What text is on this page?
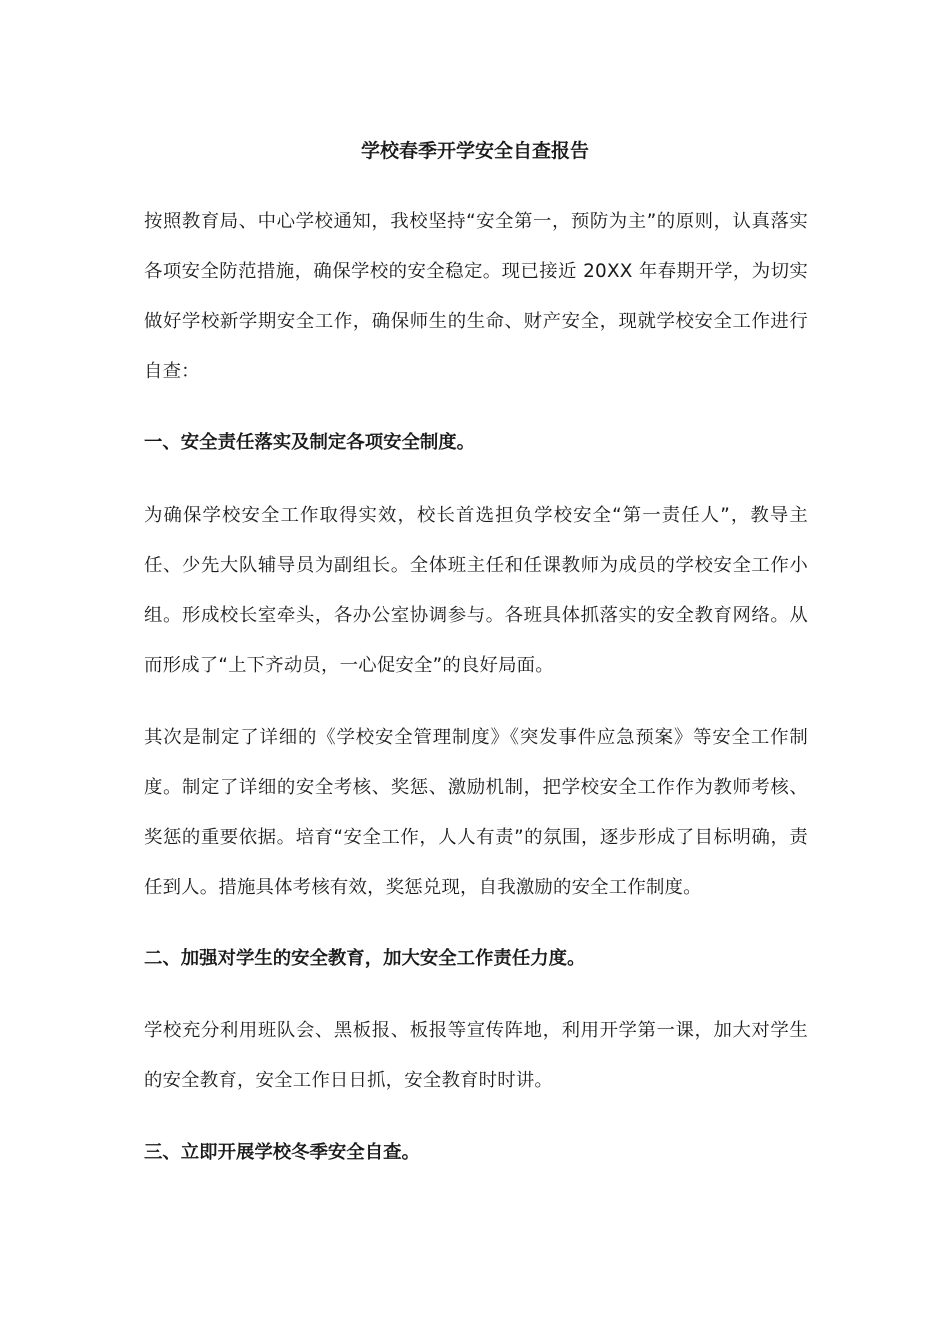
学校春季开学安全自查报告

按照教育局、中心学校通知，我校坚持“安全第一，预防为主”的原则，认真落实各项安全防范措施，确保学校的安全稳定。现已接近 20XX 年春期开学，为切实做好学校新学期安全工作，确保师生的生命、财产安全，现就学校安全工作进行自查：

一、安全责任落实及制定各项安全制度。

为确保学校安全工作取得实效，校长首选担负学校安全“第一责任人”，教导主任、少先大队辅导员为副组长。全体班主任和任课教师为成员的学校安全工作小组。形成校长室牵头，各办公室协调参与。各班具体抓落实的安全教育网络。从而形成了“上下齐动员，一心促安全”的良好局面。

其次是制定了详细的《学校安全管理制度》《突发事件应急预案》等安全工作制度。制定了详细的安全考核、奖惩、激励机制，把学校安全工作作为教师考核、奖惩的重要依据。培育“安全工作，人人有责”的氛围，逐步形成了目标明确，责任到人。措施具体考核有效，奖惩兑现，自我激励的安全工作制度。

二、加强对学生的安全教育，加大安全工作责任力度。

学校充分利用班队会、黑板报、板报等宣传阵地，利用开学第一课，加大对学生的安全教育，安全工作日日抓，安全教育时时讲。

三、立即开展学校冬季安全自查。
